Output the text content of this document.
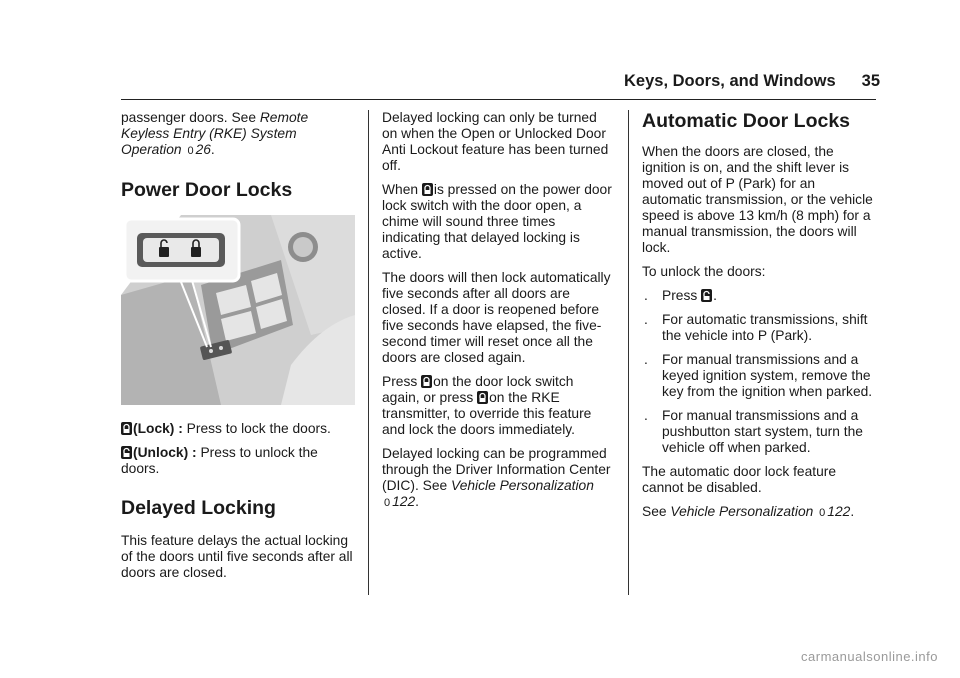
Keys, Doors, and Windows 35

passenger doors. See Remote Keyless Entry (RKE) System Operation 0 26.

Power Door Locks

(Lock) : Press to lock the doors.

(Unlock) : Press to unlock the doors.

Delayed Locking

This feature delays the actual locking of the doors until five seconds after all doors are closed.

Delayed locking can only be turned on when the Open or Unlocked Door Anti Lockout feature has been turned off.

When is pressed on the power door lock switch with the door open, a chime will sound three times indicating that delayed locking is active.

The doors will then lock automatically five seconds after all doors are closed. If a door is reopened before five seconds have elapsed, the five-second timer will reset once all the doors are closed again.

Press on the door lock switch again, or press on the RKE transmitter, to override this feature and lock the doors immediately.

Delayed locking can be programmed through the Driver Information Center (DIC). See Vehicle Personalization 0 122.

Automatic Door Locks

When the doors are closed, the ignition is on, and the shift lever is moved out of P (Park) for an automatic transmission, or the vehicle speed is above 13 km/h (8 mph) for a manual transmission, the doors will lock.

To unlock the doors:

. Press .

. For automatic transmissions, shift the vehicle into P (Park).

. For manual transmissions and a keyed ignition system, remove the key from the ignition when parked.

. For manual transmissions and a pushbutton start system, turn the vehicle off when parked.

The automatic door lock feature cannot be disabled.

See Vehicle Personalization 0 122.

carmanualsonline.info
